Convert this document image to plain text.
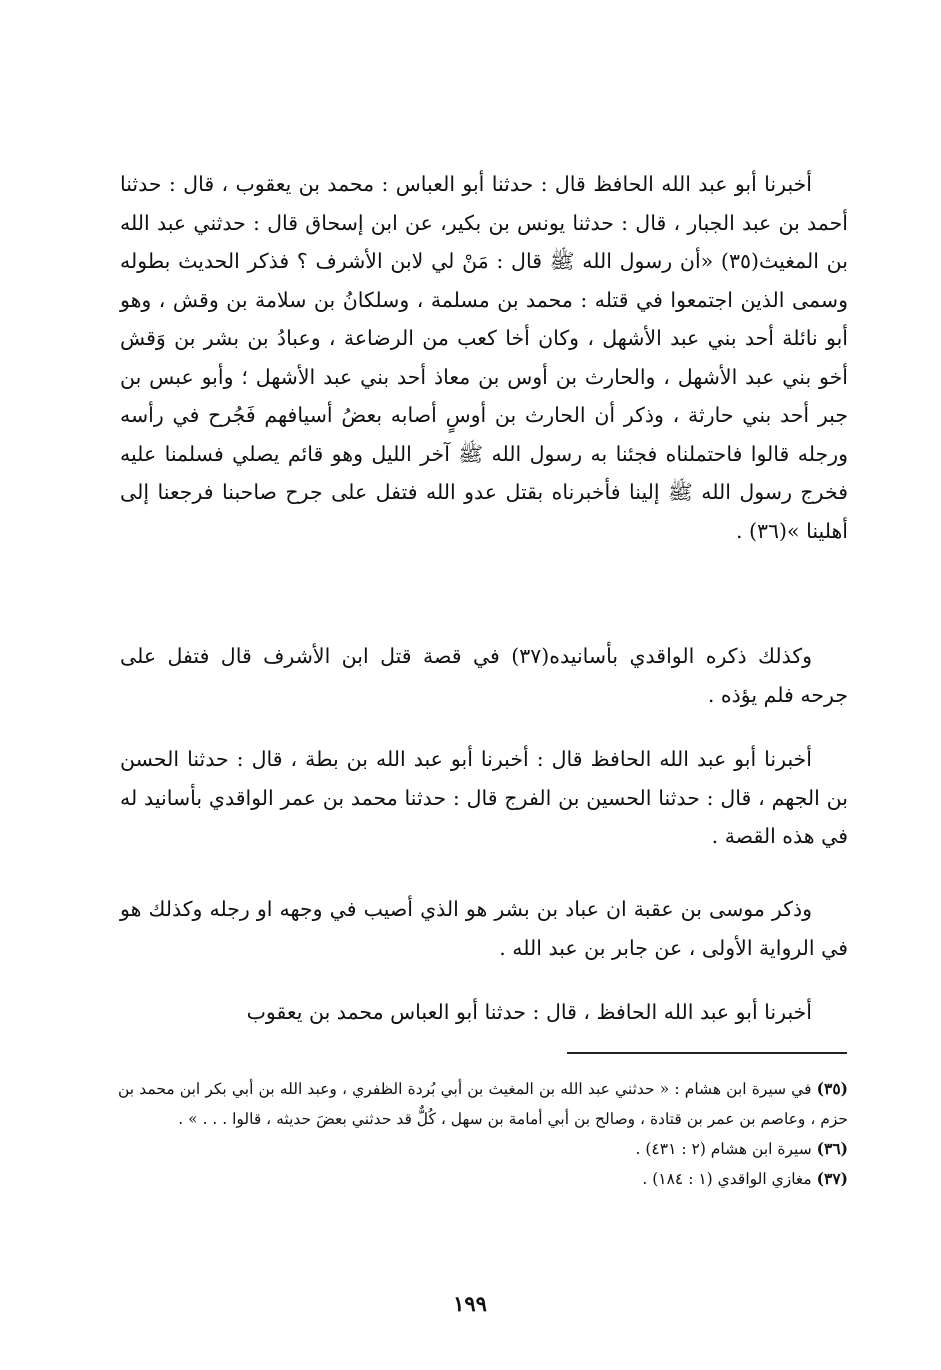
أخبرنا أبو عبد الله الحافظ قال : حدثنا أبو العباس : محمد بن يعقوب ، قال : حدثنا أحمد بن عبد الجبار ، قال : حدثنا يونس بن بكير، عن ابن إسحاق قال : حدثني عبد الله بن المغيث(٣٥) «أن رسول الله ﷺ قال : مَنْ لي لابن الأشرف ؟ فذكر الحديث بطوله وسمى الذين اجتمعوا في قتله : محمد بن مسلمة ، وسلكانُ بن سلامة بن وقش ، وهو أبو نائلة أحد بني عبد الأشهل ، وكان أخا كعب من الرضاعة ، وعبادُ بن بشر بن وَقش أخو بني عبد الأشهل ، والحارث بن أوس بن معاذ أحد بني عبد الأشهل ؛ وأبو عبس بن جبر أحد بني حارثة ، وذكر أن الحارث بن أوسٍ أصابه بعضُ أسيافهم فَجُرح في رأسه ورجله قالوا فاحتملناه فجئنا به رسول الله ﷺ آخر الليل وهو قائم يصلي فسلمنا عليه فخرج رسول الله ﷺ إلينا فأخبرناه بقتل عدو الله فتفل على جرح صاحبنا فرجعنا إلى أهلينا »(٣٦) .

وكذلك ذكره الواقدي بأسانيده(٣٧) في قصة قتل ابن الأشرف قال فتفل على جرحه فلم يؤذه .

أخبرنا أبو عبد الله الحافظ قال : أخبرنا أبو عبد الله بن بطة ، قال : حدثنا الحسن بن الجهم ، قال : حدثنا الحسين بن الفرج قال : حدثنا محمد بن عمر الواقدي بأسانيد له في هذه القصة .

وذكر موسى بن عقبة ان عباد بن بشر هو الذي أصيب في وجهه او رجله وكذلك هو في الرواية الأولى ، عن جابر بن عبد الله .

أخبرنا أبو عبد الله الحافظ ، قال : حدثنا أبو العباس محمد بن يعقوب

(٣٥) في سيرة ابن هشام : « حدثني عبد الله بن المغيث بن أبي بُردة الظفري ، وعبد الله بن أبي بكر ابن محمد بن حزم ، وعاصم بن عمر بن قتادة ، وصالح بن أبي أمامة بن سهل ، كُلٌّ قد حدثني بعضَ حديثه ، قالوا . . . » .

(٣٦) سيرة ابن هشام (٢ : ٤٣١) .

(٣٧) مغازي الواقدي (١ : ١٨٤) .

١٩٩
